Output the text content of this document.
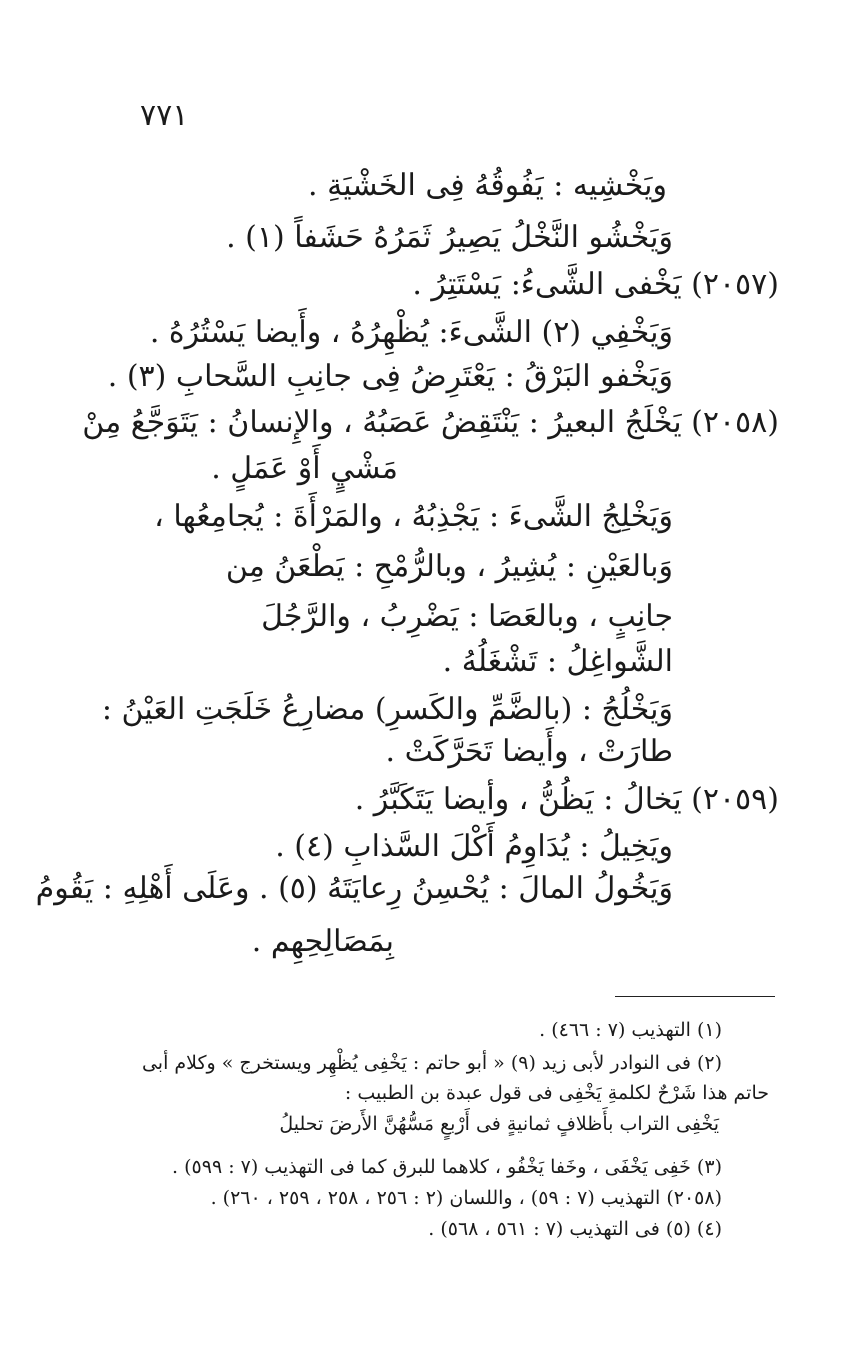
٧٧١
ويَخْشِيه : يَفُوقُهُ فِى الخَشْيَةِ .
وَيَخْشُو النَّخْلُ يَصِيرُ ثَمَرُهُ حَشَفاً (١) .
(٢٠٥٧) يَخْفى الشَّىءُ: يَسْتَتِرُ .
وَيَخْفِي (٢) الشَّىءَ: يُظْهِرُهُ ، وأَيضا يَسْتُرُهُ .
وَيَخْفو البَرْقُ : يَعْتَرِضُ فِى جانِبِ السَّحابِ (٣) .
(٢٠٥٨) يَخْلَجُ البعيرُ : يَنْتَقِضُ عَصَبُهُ ، والإِنسانُ : يَتَوَجَّعُ مِنْ
مَشْيٍ أَوْ عَمَلٍ .
وَيَخْلِجُ الشَّىءَ : يَجْذِبُهُ ، والمَرْأَةَ : يُجامِعُها ،
وَبالعَيْنِ : يُشِيرُ ، وبالرُّمْحِ : يَطْعَنُ مِن
جانِبٍ ، وبالعَصَا : يَضْرِبُ ، والرَّجُلَ
الشَّواغِلُ : تَشْغَلُهُ .
وَيَخْلُجُ : (بالضَّمِّ والكَسرِ) مضارِعُ خَلَجَتِ العَيْنُ :
طارَتْ ، وأَيضا تَحَرَّكَتْ .
(٢٠٥٩) يَخالُ : يَظُنُّ ، وأيضا يَتَكَبَّرُ .
ويَخِيلُ : يُدَاوِمُ أَكْلَ السَّذابِ (٤) .
وَيَخُولُ المالَ : يُحْسِنُ رِعايَتَهُ (٥) . وعَلَى أَهْلِهِ : يَقُومُ
بِمَصَالِحِهِم .
(١) التهذيب (٧ : ٤٦٦) .
(٢) فى النوادر لأبى زيد (٩) « أبو حاتم : يَخْفِى يُظْهِر ويستخرج » وكلام أبى
حاتم هذا شَرْحٌ لكلمةِ يَخْفِى فى قول عبدة بن الطبيب :
يَخْفِى التراب بأَظلافٍ ثمانيةٍ فى أَرْبعٍ مَسُّهُنَّ الأَرضَ تحليلُ
(٣) خَفِى يَخْفَى ، وخَفا يَخْفُو ، كلاهما للبرق كما فى التهذيب (٧ : ٥٩٩) .
(٢٠٥٨) التهذيب (٧ : ٥٩) ، واللسان (٢ : ٢٥٦ ، ٢٥٨ ، ٢٥٩ ، ٢٦٠) .
(٤) (٥) فى التهذيب (٧ : ٥٦١ ، ٥٦٨) .
